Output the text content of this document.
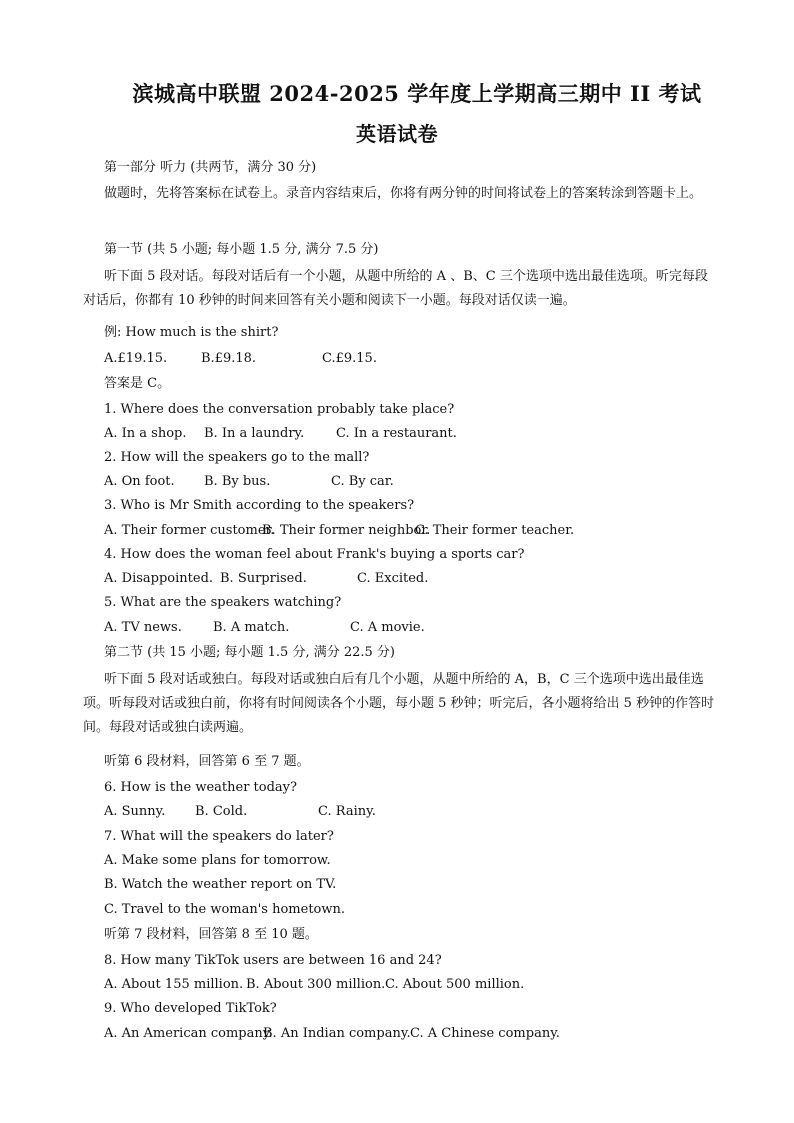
滨城高中联盟 2024-2025 学年度上学期高三期中 II 考试
英语试卷
第一部分 听力 (共两节，满分 30 分)
做题时，先将答案标在试卷上。录音内容结束后，你将有两分钟的时间将试卷上的答案转涂到答题卡上。
第一节 (共 5 小题; 每小题 1.5 分, 满分 7.5 分)
听下面 5 段对话。每段对话后有一个小题，从题中所给的 A 、B、C 三个选项中选出最佳选项。听完每段对话后，你都有 10 秒钟的时间来回答有关小题和阅读下一小题。每段对话仅读一遍。
例: How much is the shirt?
A.£19.15.	B.£9.18.	C.£9.15.
答案是 C。
1. Where does the conversation probably take place?
A. In a shop. B. In a laundry. C. In a restaurant.
2. How will the speakers go to the mall?
A. On foot. B. By bus.	C. By car.
3. Who is Mr Smith according to the speakers?
A. Their former customer.
B. Their former neighbor.
C. Their former teacher.
4. How does the woman feel about Frank's buying a sports car?
A. Disappointed. B. Surprised.	C. Excited.
5. What are the speakers watching?
A. TV news. B. A match.	C. A movie.
第二节 (共 15 小题; 每小题 1.5 分, 满分 22.5 分)
听下面 5 段对话或独白。每段对话或独白后有几个小题，从题中所给的 A，B，C 三个选项中选出最佳选项。听每段对话或独白前，你将有时间阅读各个小题，每小题 5 秒钟；听完后，各小题将给出 5 秒钟的作答时间。每段对话或独白读两遍。
听第 6 段材料，回答第 6 至 7 题。
6. How is the weather today?
A. Sunny. B. Cold.	C. Rainy.
7. What will the speakers do later?
A. Make some plans for tomorrow.
B. Watch the weather report on TV.
C. Travel to the woman's hometown.
听第 7 段材料，回答第 8 至 10 题。
8. How many TikTok users are between 16 and 24?
A. About 155 million. B. About 300 million. C. About 500 million.
9. Who developed TikTok?
A. An American company.
B. An Indian company. C. A Chinese company.
